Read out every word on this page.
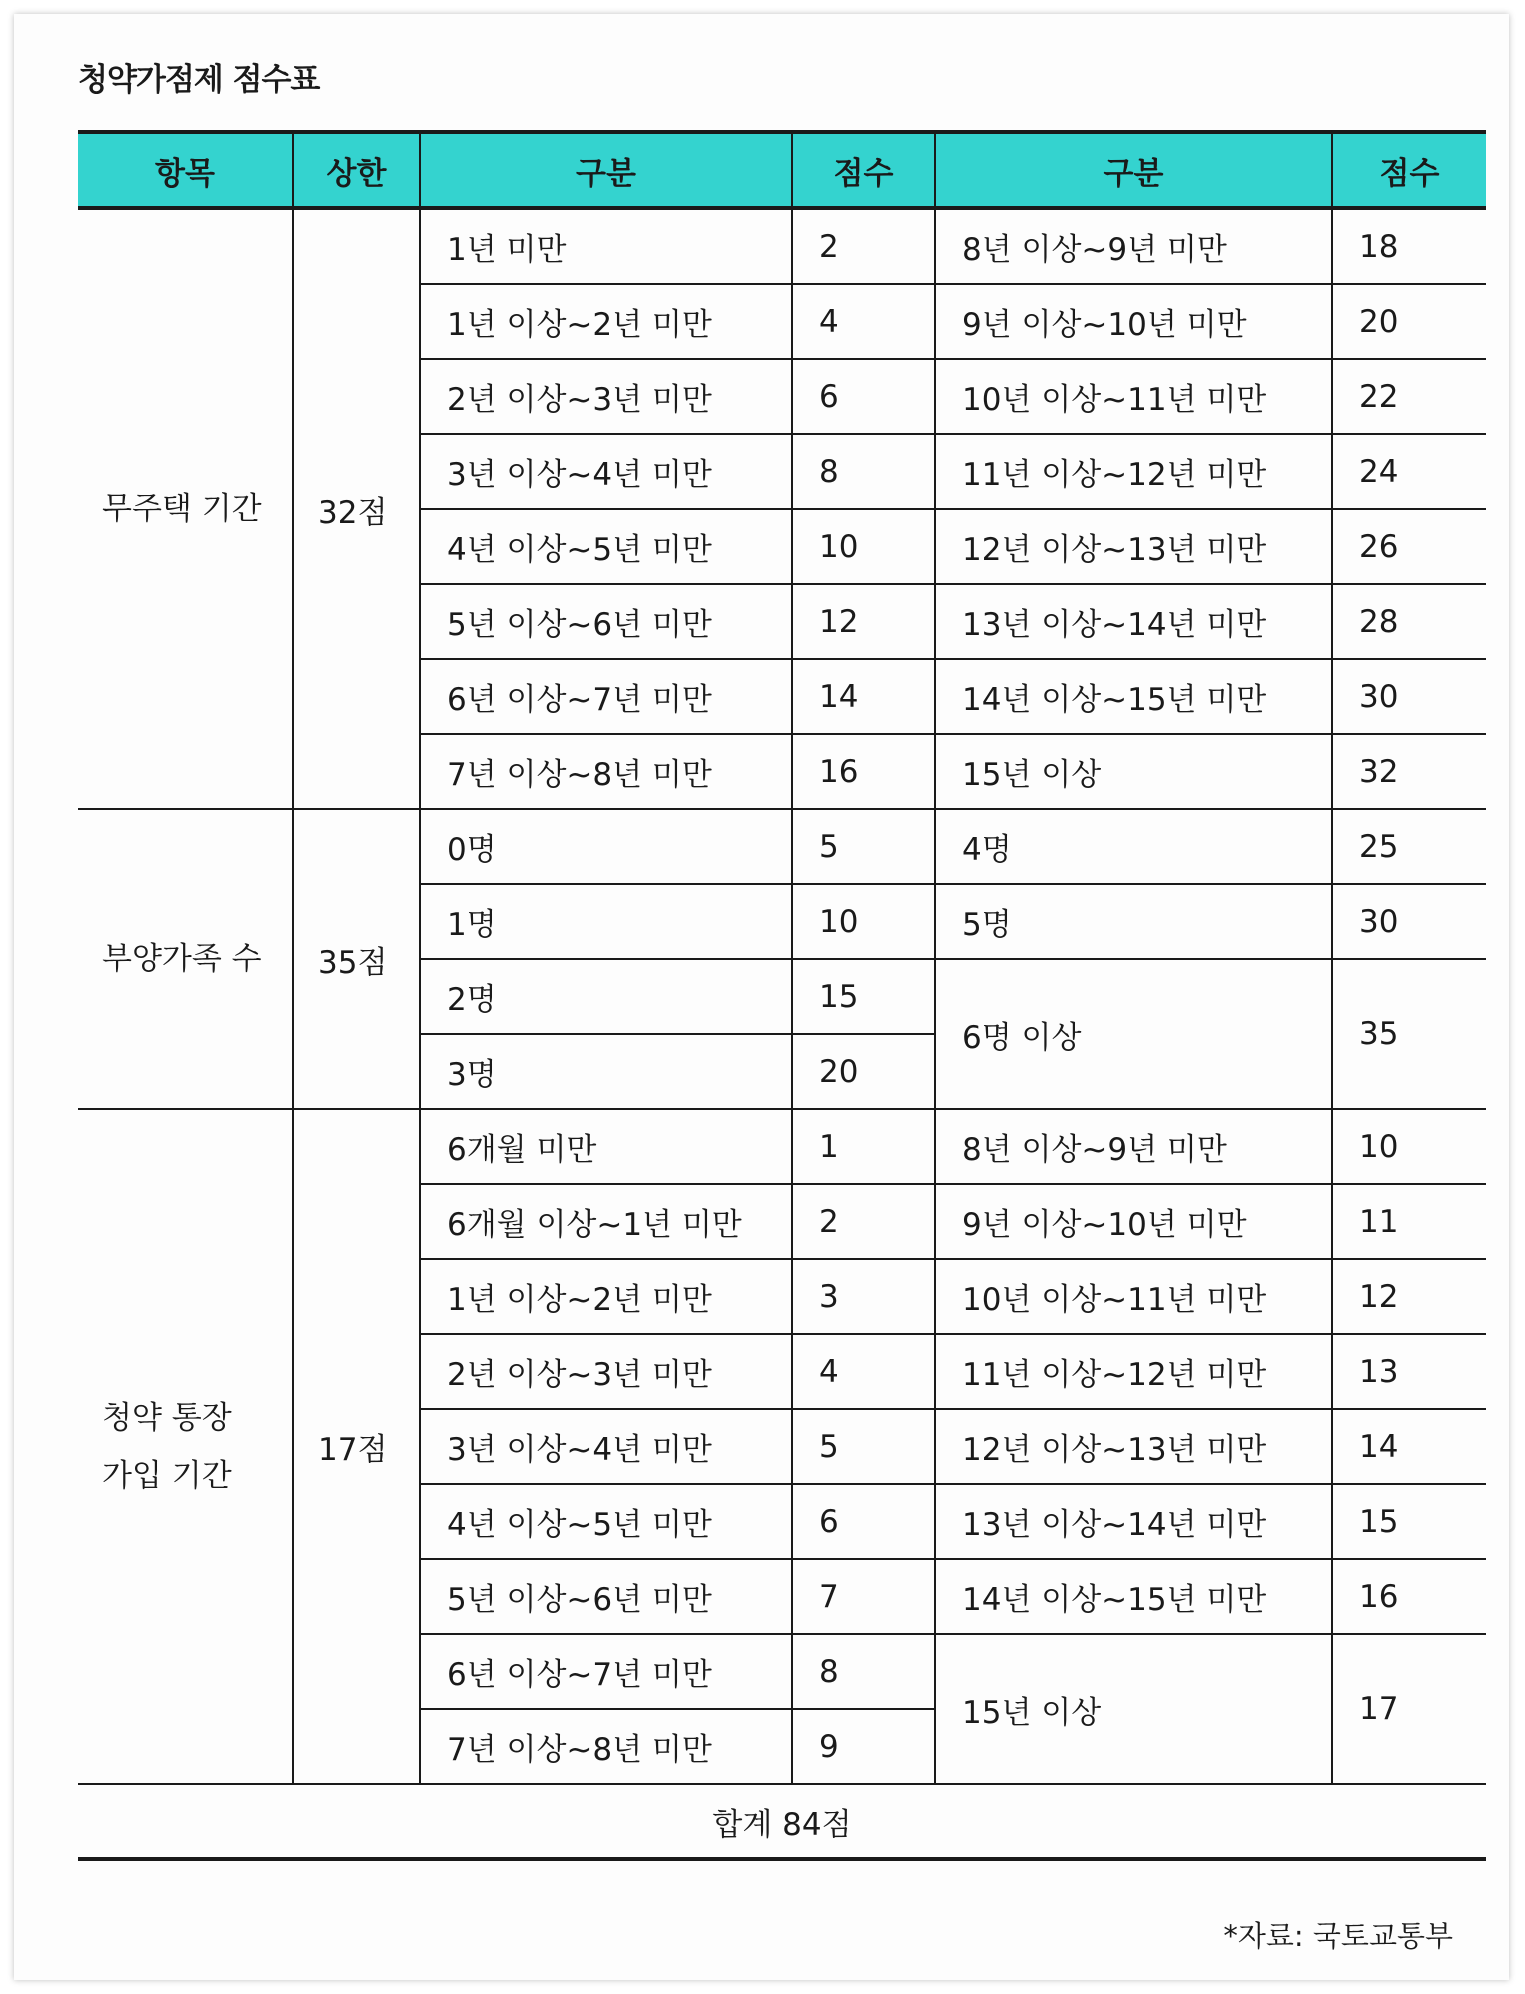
청약가점제 점수표
항목	상한	구분	점수	구분	점수

무주택 기간	32점	1년 미만	2	8년 이상~9년 미만	18
		1년 이상~2년 미만	4	9년 이상~10년 미만	20
		2년 이상~3년 미만	6	10년 이상~11년 미만	22
		3년 이상~4년 미만	8	11년 이상~12년 미만	24
		4년 이상~5년 미만	10	12년 이상~13년 미만	26
		5년 이상~6년 미만	12	13년 이상~14년 미만	28
		6년 이상~7년 미만	14	14년 이상~15년 미만	30
		7년 이상~8년 미만	16	15년 이상	32

부양가족 수	35점	0명	5	4명	25
		1명	10	5명	30
		2명	15	6명 이상	35
		3명	20		

청약 통장
가입 기간	17점	6개월 미만	1	8년 이상~9년 미만	10
		6개월 이상~1년 미만	2	9년 이상~10년 미만	11
		1년 이상~2년 미만	3	10년 이상~11년 미만	12
		2년 이상~3년 미만	4	11년 이상~12년 미만	13
		3년 이상~4년 미만	5	12년 이상~13년 미만	14
		4년 이상~5년 미만	6	13년 이상~14년 미만	15
		5년 이상~6년 미만	7	14년 이상~15년 미만	16
		6년 이상~7년 미만	8	15년 이상	17
		7년 이상~8년 미만	9		
합계 84점					

*자료: 국토교통부
